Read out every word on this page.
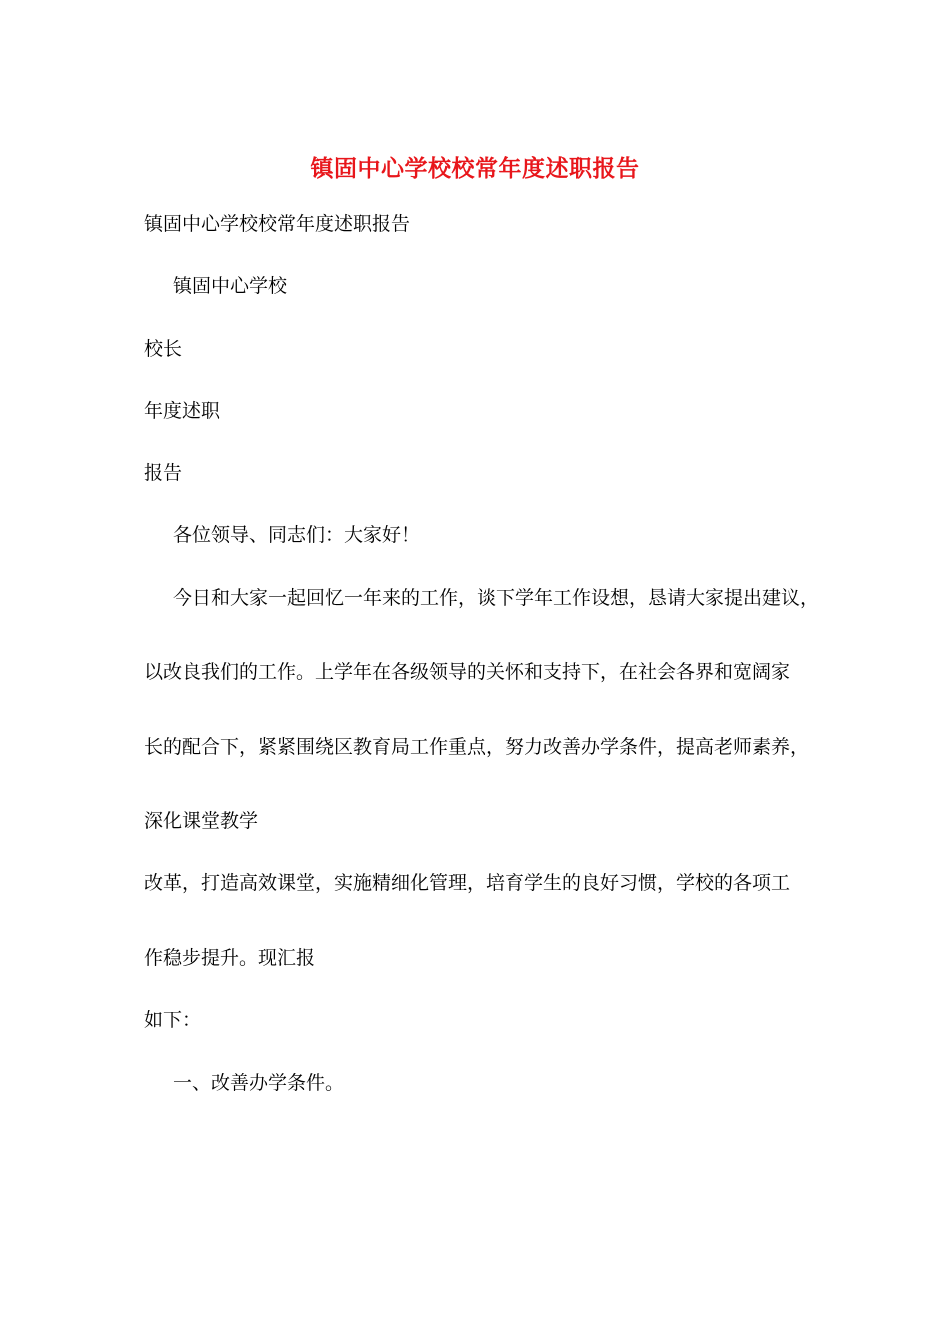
镇固中心学校校常年度述职报告
镇固中心学校校常年度述职报告
镇固中心学校
校长
年度述职
报告
各位领导、同志们：大家好！
今日和大家一起回忆一年来的工作，谈下学年工作设想，恳请大家提出建议，
以改良我们的工作。上学年在各级领导的关怀和支持下，在社会各界和宽阔家
长的配合下，紧紧围绕区教育局工作重点，努力改善办学条件，提高老师素养，
深化课堂教学
改革，打造高效课堂，实施精细化管理，培育学生的良好习惯，学校的各项工
作稳步提升。现汇报
如下：
一、改善办学条件。
